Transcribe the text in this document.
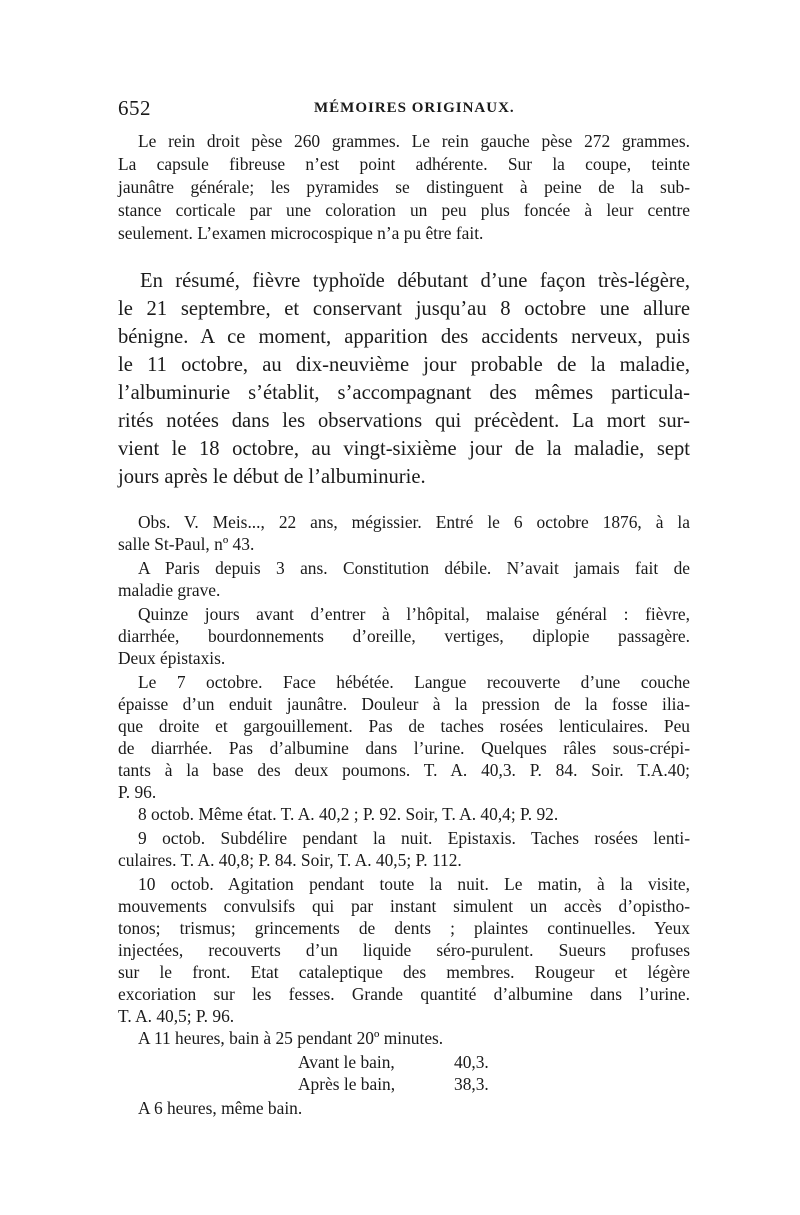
652	MÉMOIRES ORIGINAUX.
Le rein droit pèse 260 grammes. Le rein gauche pèse 272 grammes.
La capsule fibreuse n’est point adhérente. Sur la coupe, teinte
jaunâtre générale; les pyramides se distinguent à peine de la sub-
stance corticale par une coloration un peu plus foncée à leur centre
seulement. L’examen microcospique n’a pu être fait.
En résumé, fièvre typhoïde débutant d’une façon très-légère,
le 21 septembre, et conservant jusqu’au 8 octobre une allure
bénigne. A ce moment, apparition des accidents nerveux, puis
le 11 octobre, au dix-neuvième jour probable de la maladie,
l’albuminurie s’établit, s’accompagnant des mêmes particula-
rités notées dans les observations qui précèdent. La mort sur-
vient le 18 octobre, au vingt-sixième jour de la maladie, sept
jours après le début de l’albuminurie.
Obs. V. Meis..., 22 ans, mégissier. Entré le 6 octobre 1876, à la
salle St-Paul, nº 43.
A Paris depuis 3 ans. Constitution débile. N’avait jamais fait de
maladie grave.
Quinze jours avant d’entrer à l’hôpital, malaise général : fièvre,
diarrhée, bourdonnements d’oreille, vertiges, diplopie passagère.
Deux épistaxis.
Le 7 octobre. Face hébétée. Langue recouverte d’une couche
épaisse d’un enduit jaunâtre. Douleur à la pression de la fosse ilia-
que droite et gargouillement. Pas de taches rosées lenticulaires. Peu
de diarrhée. Pas d’albumine dans l’urine. Quelques râles sous-crépi-
tants à la base des deux poumons. T. A. 40,3. P. 84. Soir. T.A.40;
P. 96.
8 octob. Même état. T. A. 40,2 ; P. 92. Soir, T. A. 40,4; P. 92.
9 octob. Subdélire pendant la nuit. Epistaxis. Taches rosées lenti-
culaires. T. A. 40,8; P. 84. Soir, T. A. 40,5; P. 112.
10 octob. Agitation pendant toute la nuit. Le matin, à la visite,
mouvements convulsifs qui par instant simulent un accès d’opistho-
tonos; trismus; grincements de dents ; plaintes continuelles. Yeux
injectées, recouverts d’un liquide séro-purulent. Sueurs profuses
sur le front. Etat cataleptique des membres. Rougeur et légère
excoriation sur les fesses. Grande quantité d’albumine dans l’urine.
T. A. 40,5; P. 96.
A 11 heures, bain à 25 pendant 20º minutes.
Avant le bain,	40,3.
Après le bain,	38,3.
A 6 heures, même bain.
